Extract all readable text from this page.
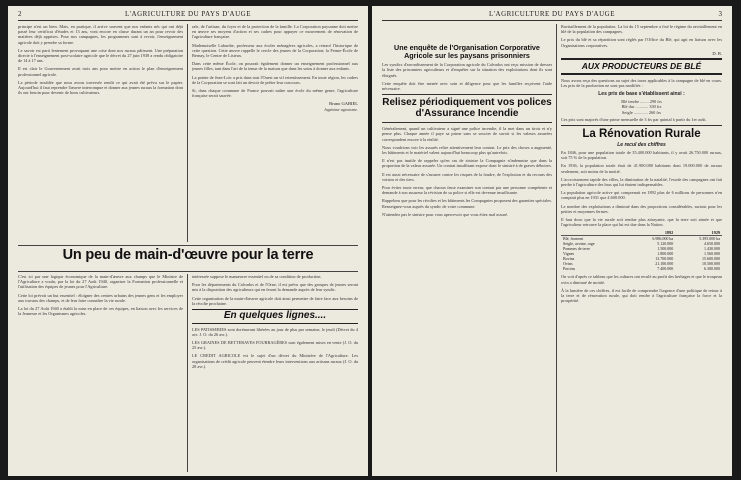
2	L'AGRICULTURE DU PAYS D'AUGE

principe n'est un bien. Mais, en pratique, il arrive souvent que nos enfants nés qui ont déjà passé leur certificat d'études et 13 ans, vont encore en classe durant un an pour revoir des matières déjà apprises. Pour nos campagnes, les programmes sont à revoir, l'enseignement agricole doit y prendre sa forme.

Le savoir est parti lentement provoquant une crise dont nos ruraux pâtissent. Une préparation directe à l'enseignement post-scolaire agricole que le décret du 27 juin 1938 a rendu obligatoire de 14 à 17 ans.

Il est clair le Gouvernement avait trois ans pour mettre en action le plan d'enseignement professionnel agricole.

La période troublée que nous avons traversée rendit ce qui avait été prévu sur le papier. Aujourd'hui il faut reprendre l'œuvre interrompue et donner aux jeunes ruraux la formation dont ils ont besoin pour devenir de bons cultivateurs.

rale, de l'artisan, du foyer et de la protection de la famille. La Corporation paysanne doit mettre en œuvre ses moyens d'action et ses cadres pour appuyer ce mouvement de rénovation de l'agriculture française.

Mademoiselle Laburthe, professeur aux écoles ménagères agricoles, a retracé l'historique de cette question. Cette œuvre rappelle le cercle des jeunes de la Corporation; la Ferme-École de Bernay, le Centre de Lisieux.

Dans cette même École, on pourrait également donner un enseignement professionnel aux jeunes filles, tant dans l'art de la tenue de la maison que dans les soins à donner aux enfants.

La pointe de Jean-Loïc a pris dans tout l'Ouest un vif retentissement. En toute région, les cadres de la Corporation se sont fait un devoir de prêter leur concours.

Si, dans chaque commune de France pouvait naître une école du même genre, l'agriculture française serait sauvée.

Bruno GABIEL

Ingénieur agronome.

Un peu de main-d'œuvre pour la terre

C'est ici par une logique économique de la main-d'œuvre aux champs que le Ministre de l'Agriculture a voulu, par la loi du 27 Août 1940, organiser la Formation professionnelle et l'utilisation des équipes de jeunes pour l'Agriculture.

Cette loi prévoit un but essentiel : éloigner des centres urbains des jeunes gens et les employer aux travaux des champs, et de leur faire connaître la vie rurale.

La loi du 27 Août 1940 a établi la mise en place de ces équipes, en liaison avec les services de la Jeunesse et les Organismes agricoles.

intéressée suppose le manœuvre essentiel ou de sa condition de production.

Pour les départements du Calvados et de l'Orne, il est prévu que des groupes de jeunes seront mis à la disposition des agriculteurs qui en feront la demande auprès de leur syndic.

Cette organisation de la main-d'œuvre agricole doit ainsi permettre de faire face aux besoins de la récolte prochaine.

En quelques lignes....

LES PATISSERIES sont dorénavant libérées au jour de plus par semaine, le jeudi (Décret du 4 avr. J. O. du 26 avr.).

LES GRAINES DE BETTERAVES FOURRAGÈRES sont également mises en vente (J. O. du 25 avr.).

LE CREDIT AGRICOLE est le sujet d'un décret du Ministère de l'Agriculture. Les organisations de crédit agricole peuvent étendre leurs interventions aux artisans ruraux (J. O. du 28 avr.).

L'AGRICULTURE DU PAYS D'AUGE	3

Une enquête de l'Organisation Corporative Agricole sur les paysans prisonniers

Les syndics d'arrondissement de la Corporation agricole du Calvados ont reçu mission de dresser la liste des prisonniers agriculteurs et d'enquêter sur la situation des exploitations dont ils sont éloignés.

Cette enquête doit être menée avec soin et diligence pour que les familles reçoivent l'aide nécessaire.

Relisez périodiquement vos polices d'Assurance Incendie

Généralement, quand un cultivateur a signé une police incendie, il la met dans un tiroir et n'y pense plus. Chaque année il paye sa prime sans se soucier de savoir si les valeurs assurées correspondent encore à la réalité.

Nous voudrions voir les assurés relire attentivement leur contrat. Le prix des choses a augmenté, les bâtiments et le matériel valent aujourd'hui beaucoup plus qu'autrefois.

Il n'est pas inutile de rappeler qu'en cas de sinistre la Compagnie n'indemnise que dans la proportion de la valeur assurée. Un contrat insuffisant expose donc le sinistré à de graves déboires.

Il est aussi nécessaire de s'assurer contre les risques de la foudre, de l'explosion et du recours des voisins et des tiers.

Pour éviter toute erreur, que chacun fasse examiner son contrat par une personne compétente et demande à son assureur la révision de sa police si elle est devenue insuffisante.

Rappelons que pour les récoltes et les bâtiments les Compagnies proposent des garanties spéciales. Renseignez-vous auprès du syndic de votre commune.

N'attendez pas le sinistre pour vous apercevoir que vous étiez mal assuré.

Ravitaillement de la population. La loi du 15 septembre a fixé le régime du ravitaillement en blé de la population des campagnes.

Le prix du blé et sa répartition sont réglés par l'Office du Blé, qui agit en liaison avec les Organisations corporatives.

D. B.

AUX PRODUCTEURS DE BLÉ

Nous avons reçu des questions au sujet des taxes applicables à la campagne de blé en cours. Les prix de la production ne sont pas modifiés :

Les prix de base s'établissent ainsi :

Blé tendre ........ 290 frs

Blé dur ............ 330 frs

Seigle ............. 260 frs

Ces prix sont majorés d'une prime mensuelle de 3 frs par quintal à partir du 1er août.

La Rénovation Rurale

Le recul des chiffres

En 1846, pour une population totale de 35.400.000 habitants, il y avait 26.750.000 ruraux, soit 75 % de la population.

En 1936, la population totale était de 41.900.000 habitants dont 19.000.000 de ruraux seulement, soit moins de la moitié.

L'accroissement rapide des villes, la diminution de la natalité, l'exode des campagnes ont fait perdre à l'agriculture des bras qui lui étaient indispensables.

La population agricole active qui comprenait en 1892 plus de 6 millions de personnes n'en comptait plus en 1931 que 4.600.000.

Le nombre des exploitations a diminué dans des proportions considérables, surtout pour les petites et moyennes fermes.

Il faut donc que la vie rurale soit rendue plus attrayante, que la terre soit aimée et que l'agriculteur retrouve la place qui lui est due dans la Nation.

	1892	1929
Blé, froment	6.986.000 ha	5.395.000 ha
Seigle, avoine, orge	5.120.000	4.650.000
Pommes de terre	1.500.000	1.430.000
Vignes	1.800.000	1.560.000
Bovins	13.700.000	15.600.000
Ovins	21.100.000	10.500.000
Porcins	7.400.000	6.300.000

On voit d'après ce tableau que les cultures ont reculé au profit des herbages et que le troupeau ovin a diminué de moitié.

À la lumière de ces chiffres, il est facile de comprendre l'urgence d'une politique de retour à la terre et de rénovation rurale, qui doit rendre à l'agriculture française la force et la prospérité.
